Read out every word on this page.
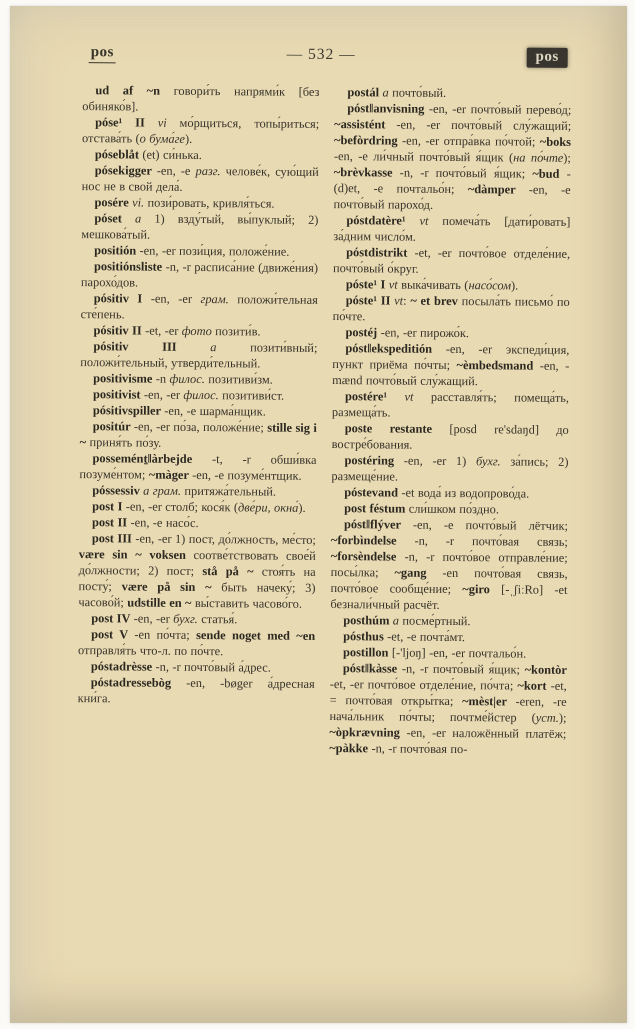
pos	— 532 —	pos

ud af ~n говори́ть напрями́к [без обиняко́в].

póse¹ II vi мо́рщиться, топы́риться; отстава́ть (о бума́ге).

póseblåt (et) си́нька.

pósekigger -en, -e разг. челове́к, сую́щий нос не в свой дела́.

posére vi. пози́ровать, кривля́ться.

póset a 1) взду́тый, вы́пуклый; 2) мешкова́тый.

positión -en, -er пози́ция, положе́ние.

positiónsliste -n, -r расписа́ние (движе́ния) парохо́дов.

pósitiv I -en, -er грам. положи́тельная сте́пень.

pósitiv II -et, -er фото позити́в.

pósitiv III a позити́вный; положи́тельный, утверди́тельный.

positivisme -n филос. позитиви́зм.

positivist -en, -er филос. позитиви́ст.

pósitivspiller -en, -e шарма́нщик.

positúr -en, -er по́за, положе́ние; stille sig i ~ приня́ть по́зу.

posseménṯ‖àrbejde -t, -r обши́вка позуме́нтом; ~màger -en, -e позуме́нтщик.

póssessiv a грам. притяжа́тельный.

post I -en, -er столб; кося́к (две́ри, окна́).

post II -en, -e насо́с.

post III -en, -er 1) пост, до́лжность, ме́сто; være sin ~ voksen соотве́тствовать свое́й до́лжности; 2) пост; stå på ~ стоя́ть на посту́; være på sin ~ быть начеку́; 3) часово́й; udstille en ~ вы́ставить часово́го.

post IV -en, -er бухг. статья́.

post V -en по́чта; sende noget med ~en отправля́ть что-л. по по́чте.

póstadrèsse -n, -r почто́вый а́дрес.

póstadressebòg -en, -bøger а́дресная кни́га.

postál a почто́вый.

póst‖anvisning -en, -er почто́вый перево́д; ~assistént -en, -er почто́вый слу́жащий; ~befòrdring -en, -er отпра́вка по́чтой; ~boks -en, -e ли́чный почто́вый я́щик (на по́чте); ~brèvkasse -n, -r почто́вый я́щик; ~bud -(d)et, -e почтальо́н; ~dàmper -en, -e почто́вый парохо́д.

póstdatère¹ vt помеча́ть [дати́ровать] за́дним число́м.

póstdistrikt -et, -er почто́вое отделе́ние, почто́вый о́круг.

póste¹ I vt выка́чивать (насо́сом).

póste¹ II vt: ~ et brev посыла́ть письмо́ по по́чте.

postéj -en, -er пирожо́к.

póst‖ekspeditión -en, -er экспеди́ция, пункт приёма по́чты; ~èmbedsmand -en, -mænd почто́вый слу́жащий.

postére¹ vt расставля́ть; помеща́ть, размеща́ть.

poste restante [posd re'sdaŋd] до востре́бования.

postéring -en, -er 1) бухг. за́пись; 2) размеще́ние.

póstevand -et вода́ из водопрово́да.

post féstum сли́шком по́здно.

póst‖flýver -en, -e почто́вый лётчик; ~forbìndelse -n, -r почто́вая связь; ~forsèndelse -n, -r почто́вое отправле́ние; посы́лка; ~gang -en почто́вая связь, почто́вое сообще́ние; ~giro [-ˌʃiːRo] -et безнали́чный расчёт.

posthúm a посме́ртный.

pósthus -et, -e почта́мт.

postillon [-'ljoŋ] -en, -er почтальо́н.

póst‖kàsse -n, -r почто́вый я́щик; ~kontòr -et, -er почто́вое отделе́ние, по́чта; ~kort -et, = почто́вая откры́тка; ~mèst|er -eren, -re нача́льник по́чты; почтме́йстер (уст.); ~òpkrævning -en, -er наложённый платёж; ~pàkke -n, -r почто́вая по-
